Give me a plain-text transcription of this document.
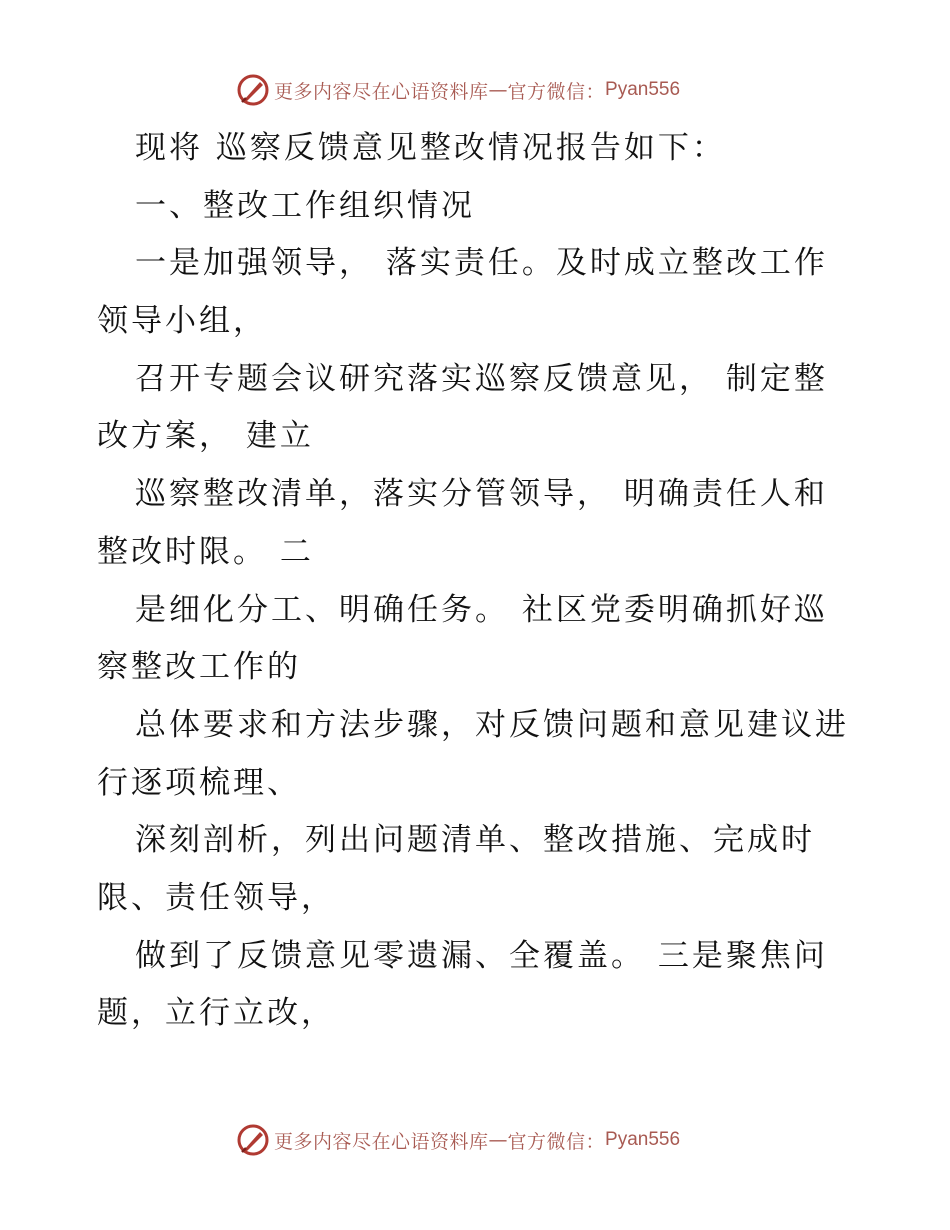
更多内容尽在心语资料库 — 官方微信： Pyan556
现将 巡察反馈意见整改情况报告如下：
一、整改工作组织情况
一是加强领导， 落实责任。及时成立整改工作
领导小组，
召开专题会议研究落实巡察反馈意见， 制定整
改方案， 建立
巡察整改清单，落实分管领导， 明确责任人和
整改时限。 二
是细化分工、明确任务。 社区党委明确抓好巡
察整改工作的
总体要求和方法步骤，对反馈问题和意见建议进
行逐项梳理、
深刻剖析，列出问题清单、整改措施、完成时
限、责任领导，
做到了反馈意见零遗漏、全覆盖。 三是聚焦问
题，立行立改，
更多内容尽在心语资料库 — 官方微信： Pyan556
